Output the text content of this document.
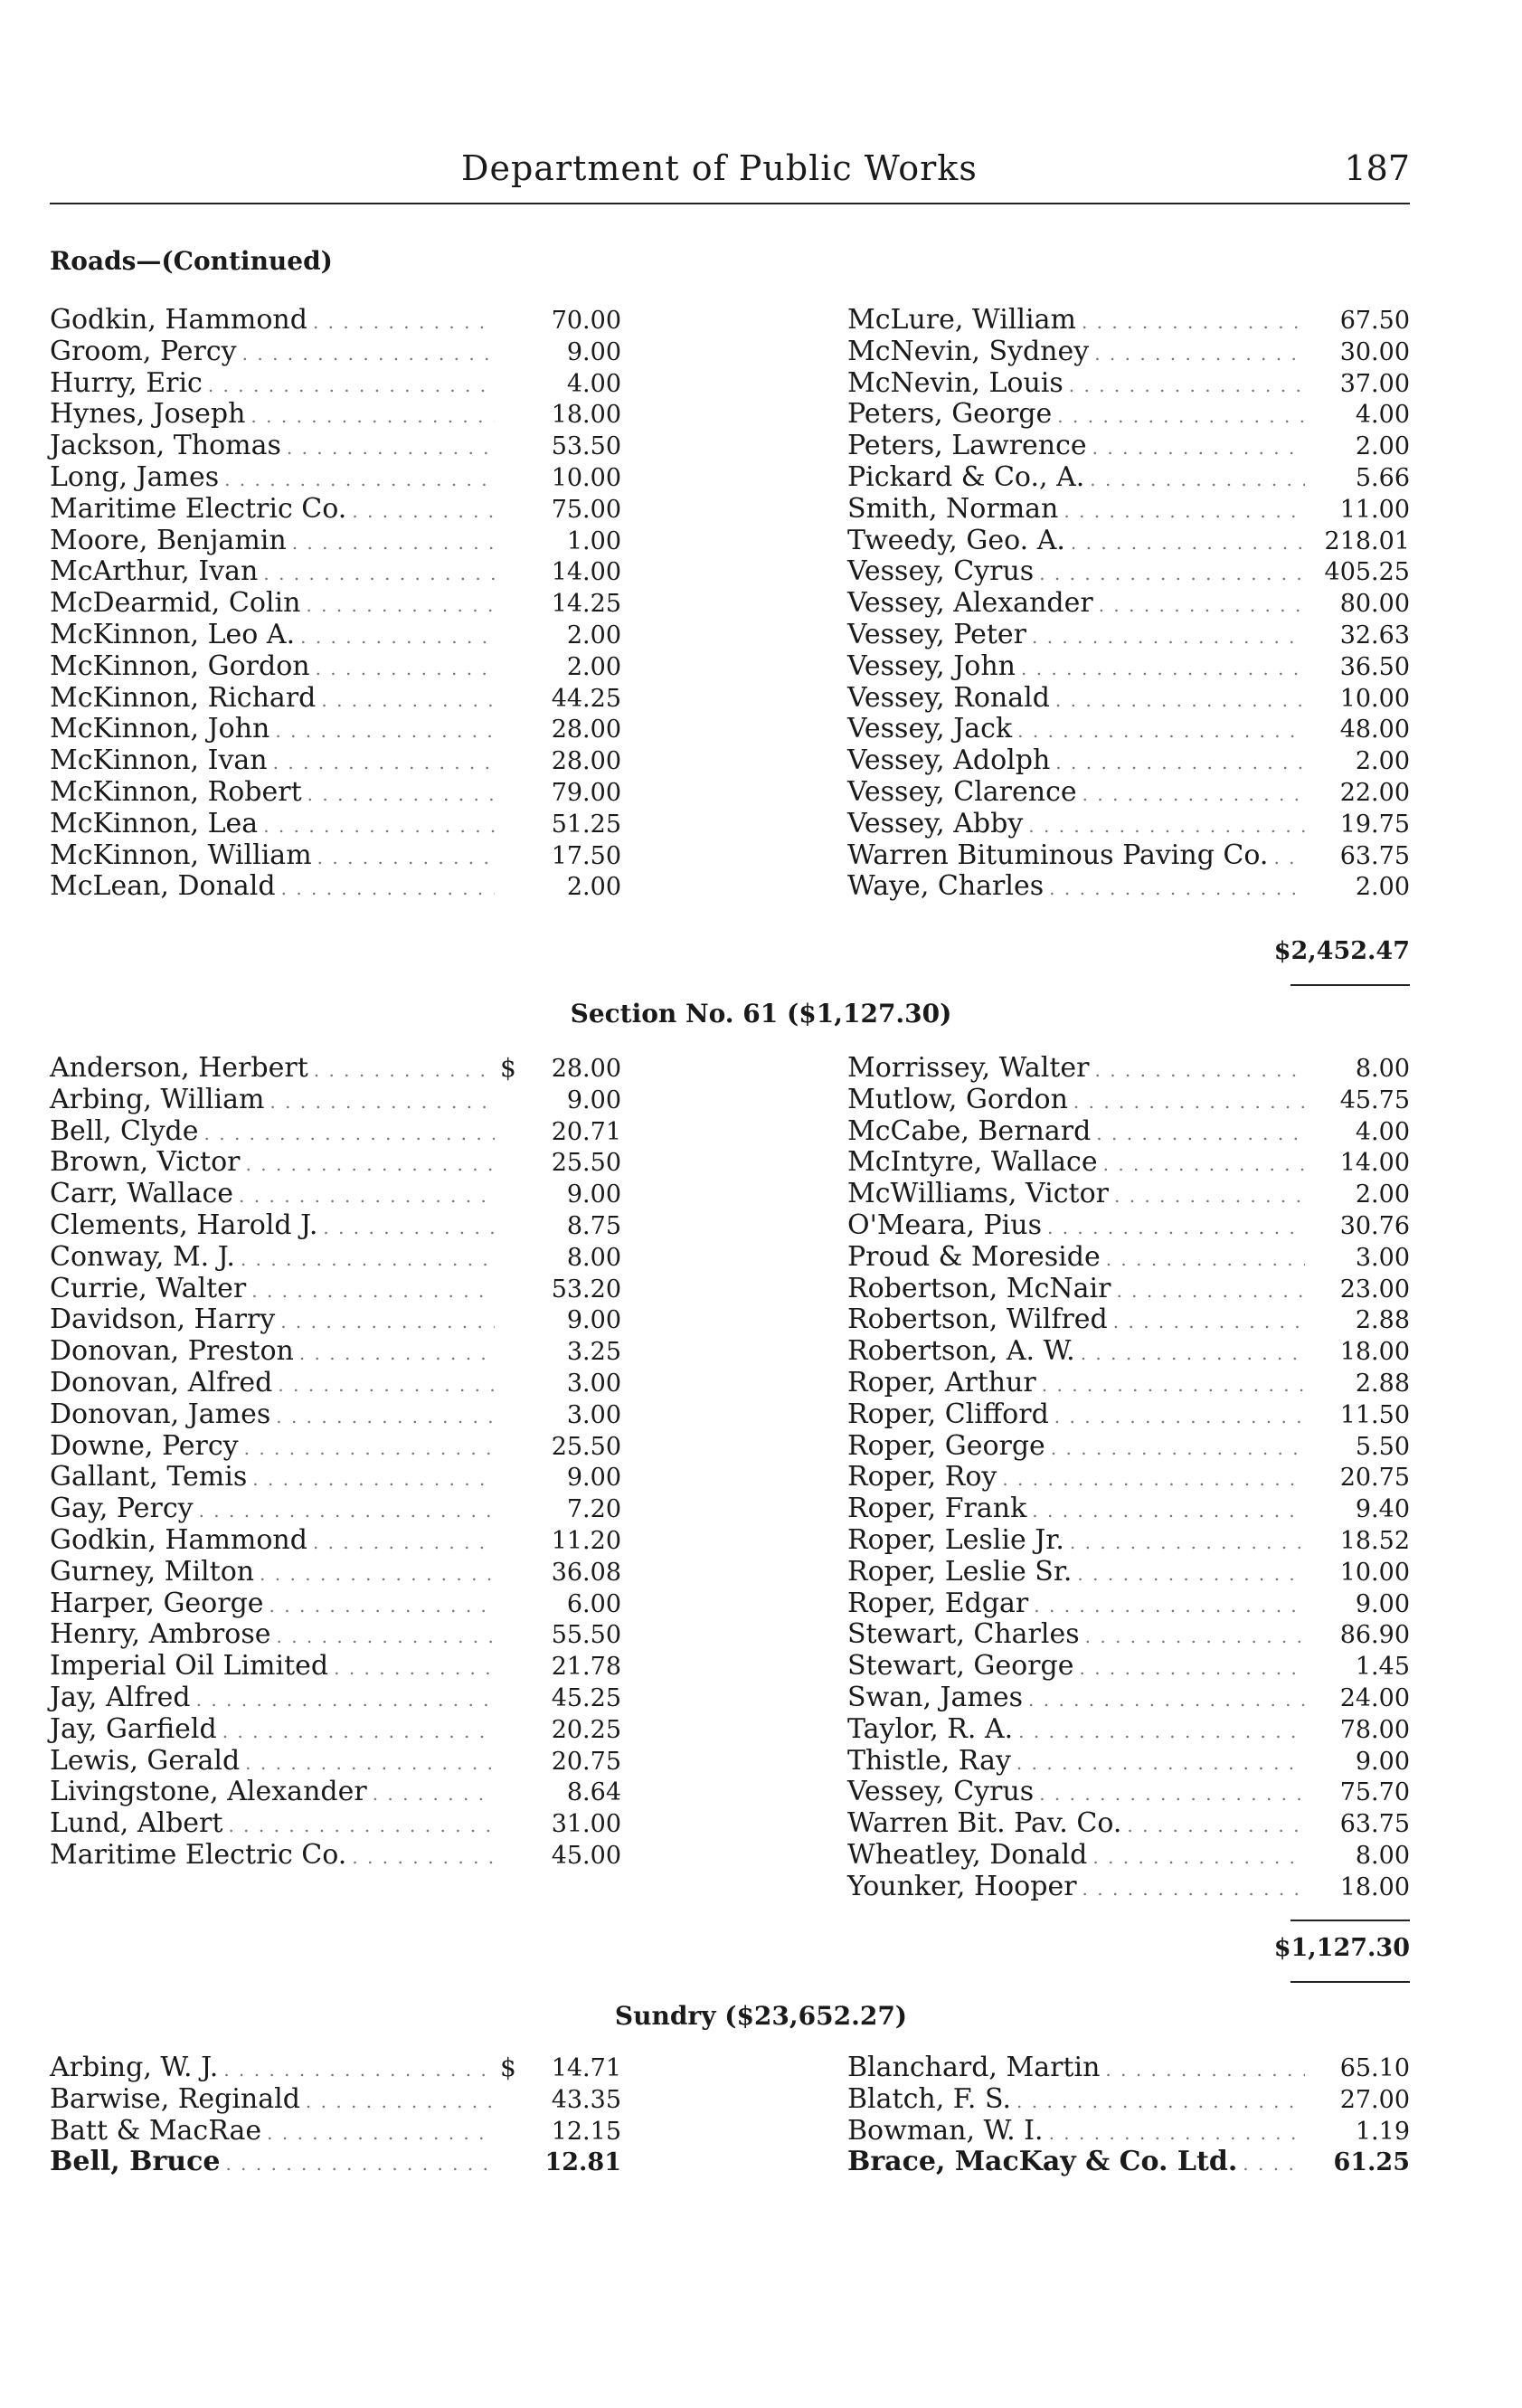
Department of Public Works	187
Roads—(Continued)
Godkin, Hammond . . .	70.00
Groom, Percy . . .	9.00
Hurry, Eric . . .	4.00
Hynes, Joseph . . .	18.00
Jackson, Thomas . . .	53.50
Long, James . . .	10.00
Maritime Electric Co. . . .	75.00
Moore, Benjamin . . .	1.00
McArthur, Ivan . . .	14.00
McDearmid, Colin . . .	14.25
McKinnon, Leo A. . . .	2.00
McKinnon, Gordon . . .	2.00
McKinnon, Richard . . .	44.25
McKinnon, John . . .	28.00
McKinnon, Ivan . . .	28.00
McKinnon, Robert . . .	79.00
McKinnon, Lea . . .	51.25
McKinnon, William . . .	17.50
McLean, Donald . . .	2.00
McLure, William . . .	67.50
McNevin, Sydney . . .	30.00
McNevin, Louis . . .	37.00
Peters, George . . .	4.00
Peters, Lawrence . . .	2.00
Pickard & Co., A. . . .	5.66
Smith, Norman . . .	11.00
Tweedy, Geo. A. . . .	218.01
Vessey, Cyrus . . .	405.25
Vessey, Alexander . . .	80.00
Vessey, Peter . . .	32.63
Vessey, John . . .	36.50
Vessey, Ronald . . .	10.00
Vessey, Jack . . .	48.00
Vessey, Adolph . . .	2.00
Vessey, Clarence . . .	22.00
Vessey, Abby . . .	19.75
Warren Bituminous Paving Co. . . .	63.75
Waye, Charles . . .	2.00
$2,452.47
Section No. 61 ($1,127.30)
Anderson, Herbert . . .	$	28.00
Arbing, William . . .	9.00
Bell, Clyde . . .	20.71
Brown, Victor . . .	25.50
Carr, Wallace . . .	9.00
Clements, Harold J. . . .	8.75
Conway, M. J. . . .	8.00
Currie, Walter . . .	53.20
Davidson, Harry . . .	9.00
Donovan, Preston . . .	3.25
Donovan, Alfred . . .	3.00
Donovan, James . . .	3.00
Downe, Percy . . .	25.50
Gallant, Temis . . .	9.00
Gay, Percy . . .	7.20
Godkin, Hammond . . .	11.20
Gurney, Milton . . .	36.08
Harper, George . . .	6.00
Henry, Ambrose . . .	55.50
Imperial Oil Limited . . .	21.78
Jay, Alfred . . .	45.25
Jay, Garfield . . .	20.25
Lewis, Gerald . . .	20.75
Livingstone, Alexander . . .	8.64
Lund, Albert . . .	31.00
Maritime Electric Co. . . .	45.00
Morrissey, Walter . . .	8.00
Mutlow, Gordon . . .	45.75
McCabe, Bernard . . .	4.00
McIntyre, Wallace . . .	14.00
McWilliams, Victor . . .	2.00
O'Meara, Pius . . .	30.76
Proud & Moreside . . .	3.00
Robertson, McNair . . .	23.00
Robertson, Wilfred . . .	2.88
Robertson, A. W. . . .	18.00
Roper, Arthur . . .	2.88
Roper, Clifford . . .	11.50
Roper, George . . .	5.50
Roper, Roy . . .	20.75
Roper, Frank . . .	9.40
Roper, Leslie Jr. . . .	18.52
Roper, Leslie Sr. . . .	10.00
Roper, Edgar . . .	9.00
Stewart, Charles . . .	86.90
Stewart, George . . .	1.45
Swan, James . . .	24.00
Taylor, R. A. . . .	78.00
Thistle, Ray . . .	9.00
Vessey, Cyrus . . .	75.70
Warren Bit. Pav. Co. . . .	63.75
Wheatley, Donald . . .	8.00
Younker, Hooper . . .	18.00
$1,127.30
Sundry ($23,652.27)
Arbing, W. J. . . .	$	14.71
Barwise, Reginald . . .	43.35
Batt & MacRae . . .	12.15
Bell, Bruce . . .	12.81
Blanchard, Martin . . .	65.10
Blatch, F. S. . . .	27.00
Bowman, W. I. . . .	1.19
Brace, MacKay & Co. Ltd. . . .	61.25
